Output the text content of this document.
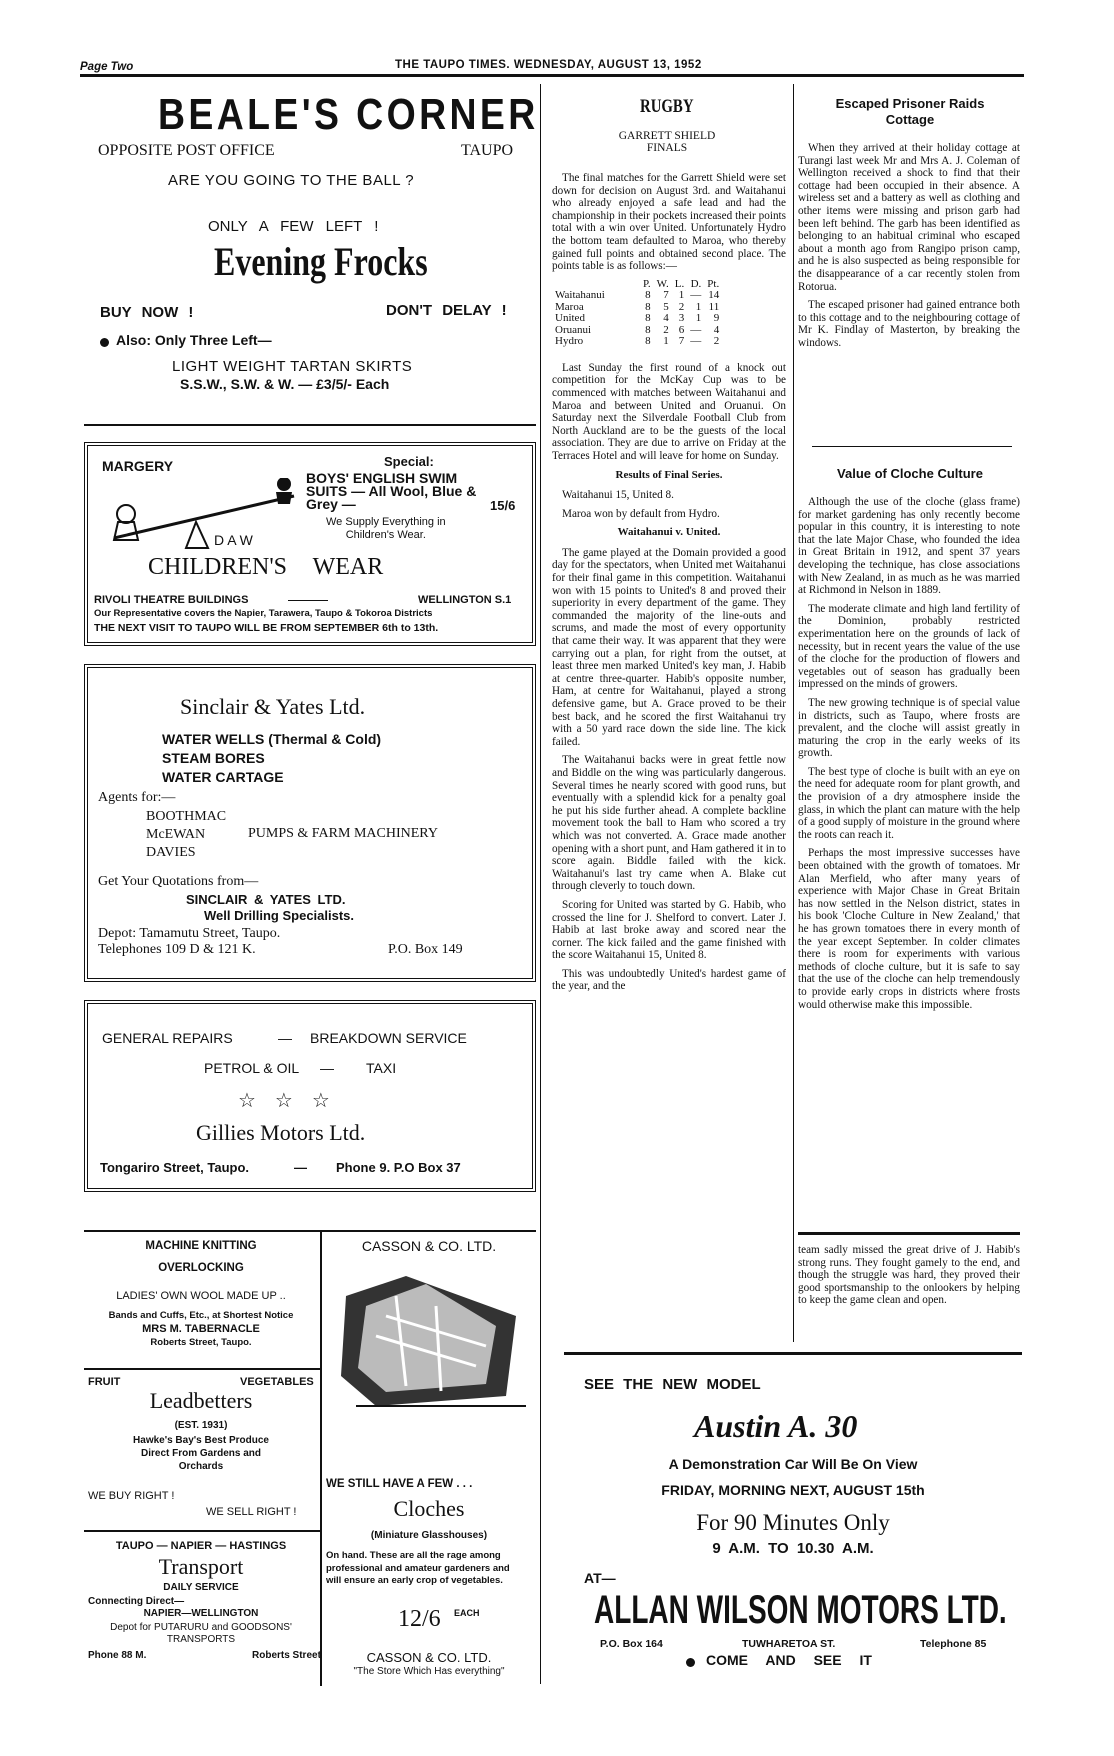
Page Two	THE TAUPO TIMES. WEDNESDAY, AUGUST 13, 1952
BEALE'S CORNER
OPPOSITE POST OFFICE	TAUPO
ARE YOU GOING TO THE BALL ?
ONLY A FEW LEFT !
Evening Frocks
BUY NOW !	DON'T DELAY !
Also: Only Three Left—
LIGHT WEIGHT TARTAN SKIRTS
S.S.W., S.W. & W. — £3/5/- Each
MARGERY	Special:
BOYS' ENGLISH SWIM
SUITS — All Wool, Blue &
Grey —	15/6
We Supply Everything in
Children's Wear.
D A W
CHILDREN'S WEAR
RIVOLI THEATRE BUILDINGS	WELLINGTON S.1
Our Representative covers the Napier, Tarawera, Taupo & Tokoroa Districts
THE NEXT VISIT TO TAUPO WILL BE FROM SEPTEMBER 6th to 13th.
Sinclair & Yates Ltd.
WATER WELLS (Thermal & Cold)
STEAM BORES
WATER CARTAGE
Agents for:—
BOOTHMAC
McEWAN
DAVIES
PUMPS & FARM MACHINERY
Get Your Quotations from—
SINCLAIR & YATES LTD.
Well Drilling Specialists.
Depot: Tamamutu Street, Taupo.
Telephones 109 D & 121 K.	P.O. Box 149
GENERAL REPAIRS	— BREAKDOWN SERVICE
PETROL & OIL — TAXI
☆ ☆ ☆
Gillies Motors Ltd.
Tongariro Street, Taupo.	— Phone 9. P.O Box 37
MACHINE KNITTING
OVERLOCKING
LADIES' OWN WOOL MADE UP ..
Bands and Cuffs, Etc., at Shortest Notice
MRS M. TABERNACLE
Roberts Street, Taupo.
FRUIT	VEGETABLES
Leadbetters
(EST. 1931)
Hawke's Bay's Best Produce
Direct From Gardens and
Orchards
WE BUY RIGHT !
WE SELL RIGHT !
TAUPO — NAPIER — HASTINGS
Transport
DAILY SERVICE
Connecting Direct—
NAPIER—WELLINGTON
Depot for PUTARURU and GOODSONS'
TRANSPORTS
Phone 88 M.	Roberts Street
CASSON & CO. LTD.
WE STILL HAVE A FEW . . .
Cloches
(Miniature Glasshouses)
On hand. These are all the rage among
professional and amateur gardeners and
will ensure an early crop of vegetables.
12/6 EACH
CASSON & CO. LTD.
"The Store Which Has everything"
RUGBY
GARRETT SHIELD
FINALS

The final matches for the Garrett Shield were set down for decision on August 3rd. and Waitahanui who already enjoyed a safe lead and had the championship in their pockets increased their points total with a win over United. Unfortunately Hydro the bottom team defaulted to Maroa, who thereby gained full points and obtained second place. The points table is as follows:—

	P.	W.	L.	D.	Pt.
Waitahanui	8	7	1	—	14
Maroa	8	5	2	1	11
United	8	4	3	1	9
Oruanui	8	2	6	—	4
Hydro	8	1	7	—	2

Last Sunday the first round of a knock out competition for the McKay Cup was to be commenced with matches between Waitahanui and Maroa and between United and Oruanui. On Saturday next the Silverdale Football Club from North Auckland are to be the guests of the local association. They are due to arrive on Friday at the Terraces Hotel and will leave for home on Sunday.

Results of Final Series.

Waitahanui 15, United 8.

Maroa won by default from Hydro.

Waitahanui v. United.

The game played at the Domain provided a good day for the spectators, when United met Waitahanui for their final game in this competition. Waitahanui won with 15 points to United's 8 and proved their superiority in every department of the game. They commanded the majority of the line-outs and scrums, and made the most of every opportunity that came their way. It was apparent that they were carrying out a plan, for right from the outset, at least three men marked United's key man, J. Habib at centre three-quarter. Habib's opposite number, Ham, at centre for Waitahanui, played a strong defensive game, but A. Grace proved to be their best back, and he scored the first Waitahanui try with a 50 yard race down the side line. The kick failed.

The Waitahanui backs were in great fettle now and Biddle on the wing was particularly dangerous. Several times he nearly scored with good runs, but eventually with a splendid kick for a penalty goal he put his side further ahead. A complete backline movement took the ball to Ham who scored a try which was not converted. A. Grace made another opening with a short punt, and Ham gathered it in to score again. Biddle failed with the kick. Waitahanui's last try came when A. Blake cut through cleverly to touch down.

Scoring for United was started by G. Habib, who crossed the line for J. Shelford to convert. Later J. Habib at last broke away and scored near the corner. The kick failed and the game finished with the score Waitahanui 15, United 8.

This was undoubtedly United's hardest game of the year, and the

Escaped Prisoner Raids
Cottage

When they arrived at their holiday cottage at Turangi last week Mr and Mrs A. J. Coleman of Wellington received a shock to find that their cottage had been occupied in their absence. A wireless set and a battery as well as clothing and other items were missing and prison garb had been left behind. The garb has been identified as belonging to an habitual criminal who escaped about a month ago from Rangipo prison camp, and he is also suspected as being responsible for the disappearance of a car recently stolen from Rotorua.

The escaped prisoner had gained entrance both to this cottage and to the neighbouring cottage of Mr K. Findlay of Masterton, by breaking the windows.

Value of Cloche Culture

Although the use of the cloche (glass frame) for market gardening has only recently become popular in this country, it is interesting to note that the late Major Chase, who founded the idea in Great Britain in 1912, and spent 37 years developing the technique, has close associations with New Zealand, in as much as he was married at Richmond in Nelson in 1889.

The moderate climate and high land fertility of the Dominion, probably restricted experimentation here on the grounds of lack of necessity, but in recent years the value of the use of the cloche for the production of flowers and vegetables out of season has gradually been impressed on the minds of growers.

The new growing technique is of special value in districts, such as Taupo, where frosts are prevalent, and the cloche will assist greatly in maturing the crop in the early weeks of its growth.

The best type of cloche is built with an eye on the need for adequate room for plant growth, and the provision of a dry atmosphere inside the glass, in which the plant can mature with the help of a good supply of moisture in the ground where the roots can reach it.

Perhaps the most impressive successes have been obtained with the growth of tomatoes. Mr Alan Merfield, who after many years of experience with Major Chase in Great Britain has now settled in the Nelson district, states in his book 'Cloche Culture in New Zealand,' that he has grown tomatoes there in every month of the year except September. In colder climates there is room for experiments with various methods of cloche culture, but it is safe to say that the use of the cloche can help tremendously to provide early crops in districts where frosts would otherwise make this impossible.

team sadly missed the great drive of J. Habib's strong runs. They fought gamely to the end, and though the struggle was hard, they proved their good sportsmanship to the onlookers by helping to keep the game clean and open.

SEE THE NEW MODEL
Austin A. 30
A Demonstration Car Will Be On View
FRIDAY, MORNING NEXT, AUGUST 15th
For 90 Minutes Only
9 A.M. TO 10.30 A.M.
AT—
ALLAN WILSON MOTORS LTD.
P.O. Box 164	TUWHARETOA ST.	Telephone 85
COME AND SEE IT
